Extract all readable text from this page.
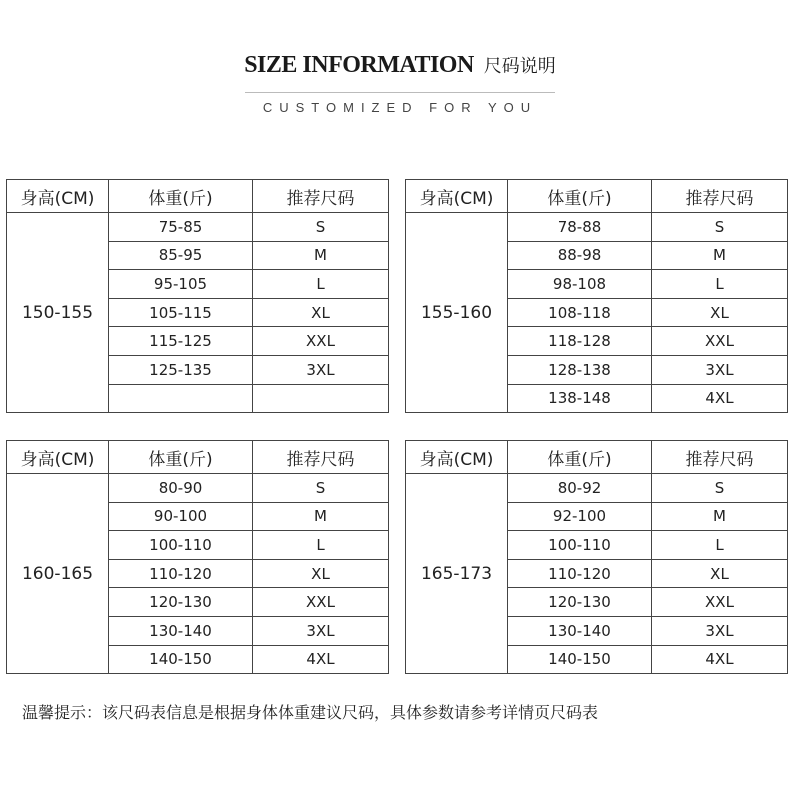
SIZE INFORMATION 尺码说明
CUSTOMIZED FOR YOU
身高(CM)	体重(斤)	推荐尺码
150-155	75-85	S
	85-95	M
	95-105	L
	105-115	XL
	115-125	XXL
	125-135	3XL

身高(CM)	体重(斤)	推荐尺码
155-160	78-88	S
	88-98	M
	98-108	L
	108-118	XL
	118-128	XXL
	128-138	3XL
	138-148	4XL
身高(CM)	体重(斤)	推荐尺码
160-165	80-90	S
	90-100	M
	100-110	L
	110-120	XL
	120-130	XXL
	130-140	3XL
	140-150	4XL
身高(CM)	体重(斤)	推荐尺码
165-173	80-92	S
	92-100	M
	100-110	L
	110-120	XL
	120-130	XXL
	130-140	3XL
	140-150	4XL
温馨提示：该尺码表信息是根据身体体重建议尺码，具体参数请参考详情页尺码表
